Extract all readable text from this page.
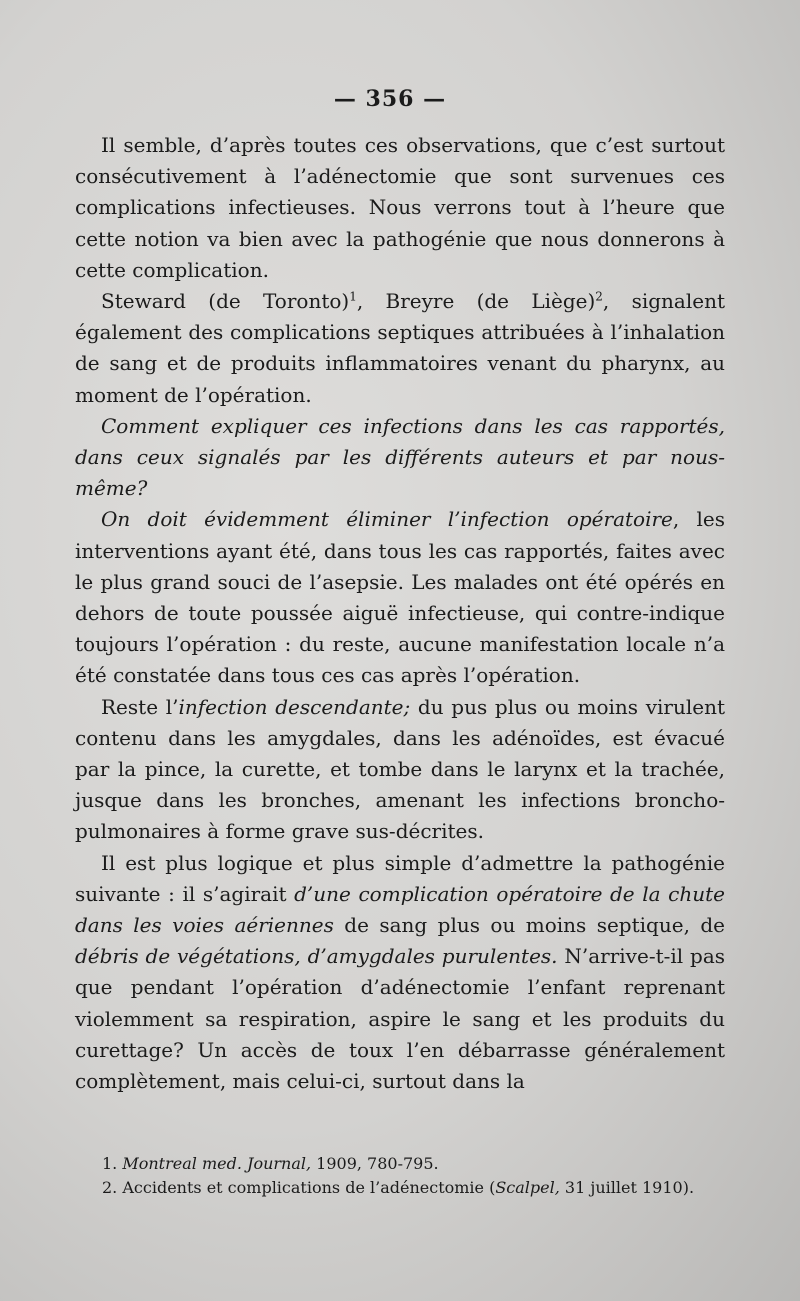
— 356 —

Il semble, d’après toutes ces observations, que c’est surtout consécutivement à l’adénectomie que sont survenues ces complications infectieuses. Nous verrons tout à l’heure que cette notion va bien avec la pathogénie que nous donnerons à cette complication.

Steward (de Toronto)$^1$, Breyre (de Liège)$^2$, signalent également des complications septiques attribuées à l’inhalation de sang et de produits inflammatoires venant du pharynx, au moment de l’opération.

Comment expliquer ces infections dans les cas rapportés, dans ceux signalés par les différents auteurs et par nous-même?

On doit évidemment éliminer l’infection opératoire, les interventions ayant été, dans tous les cas rapportés, faites avec le plus grand souci de l’asepsie. Les malades ont été opérés en dehors de toute poussée aiguë infectieuse, qui contre-indique toujours l’opération : du reste, aucune manifestation locale n’a été constatée dans tous ces cas après l’opération.

Reste l’infection descendante; du pus plus ou moins virulent contenu dans les amygdales, dans les adénoïdes, est évacué par la pince, la curette, et tombe dans le larynx et la trachée, jusque dans les bronches, amenant les infections broncho-pulmonaires à forme grave sus-décrites.

Il est plus logique et plus simple d’admettre la pathogénie suivante : il s’agirait d’une complication opératoire de la chute dans les voies aériennes de sang plus ou moins septique, de débris de végétations, d’amygdales purulentes. N’arrive-t-il pas que pendant l’opération d’adénectomie l’enfant reprenant violemment sa respiration, aspire le sang et les produits du curettage? Un accès de toux l’en débarrasse généralement complètement, mais celui-ci, surtout dans la

1. Montreal med. Journal, 1909, 780-795.

2. Accidents et complications de l’adénectomie (Scalpel, 31 juillet 1910).
